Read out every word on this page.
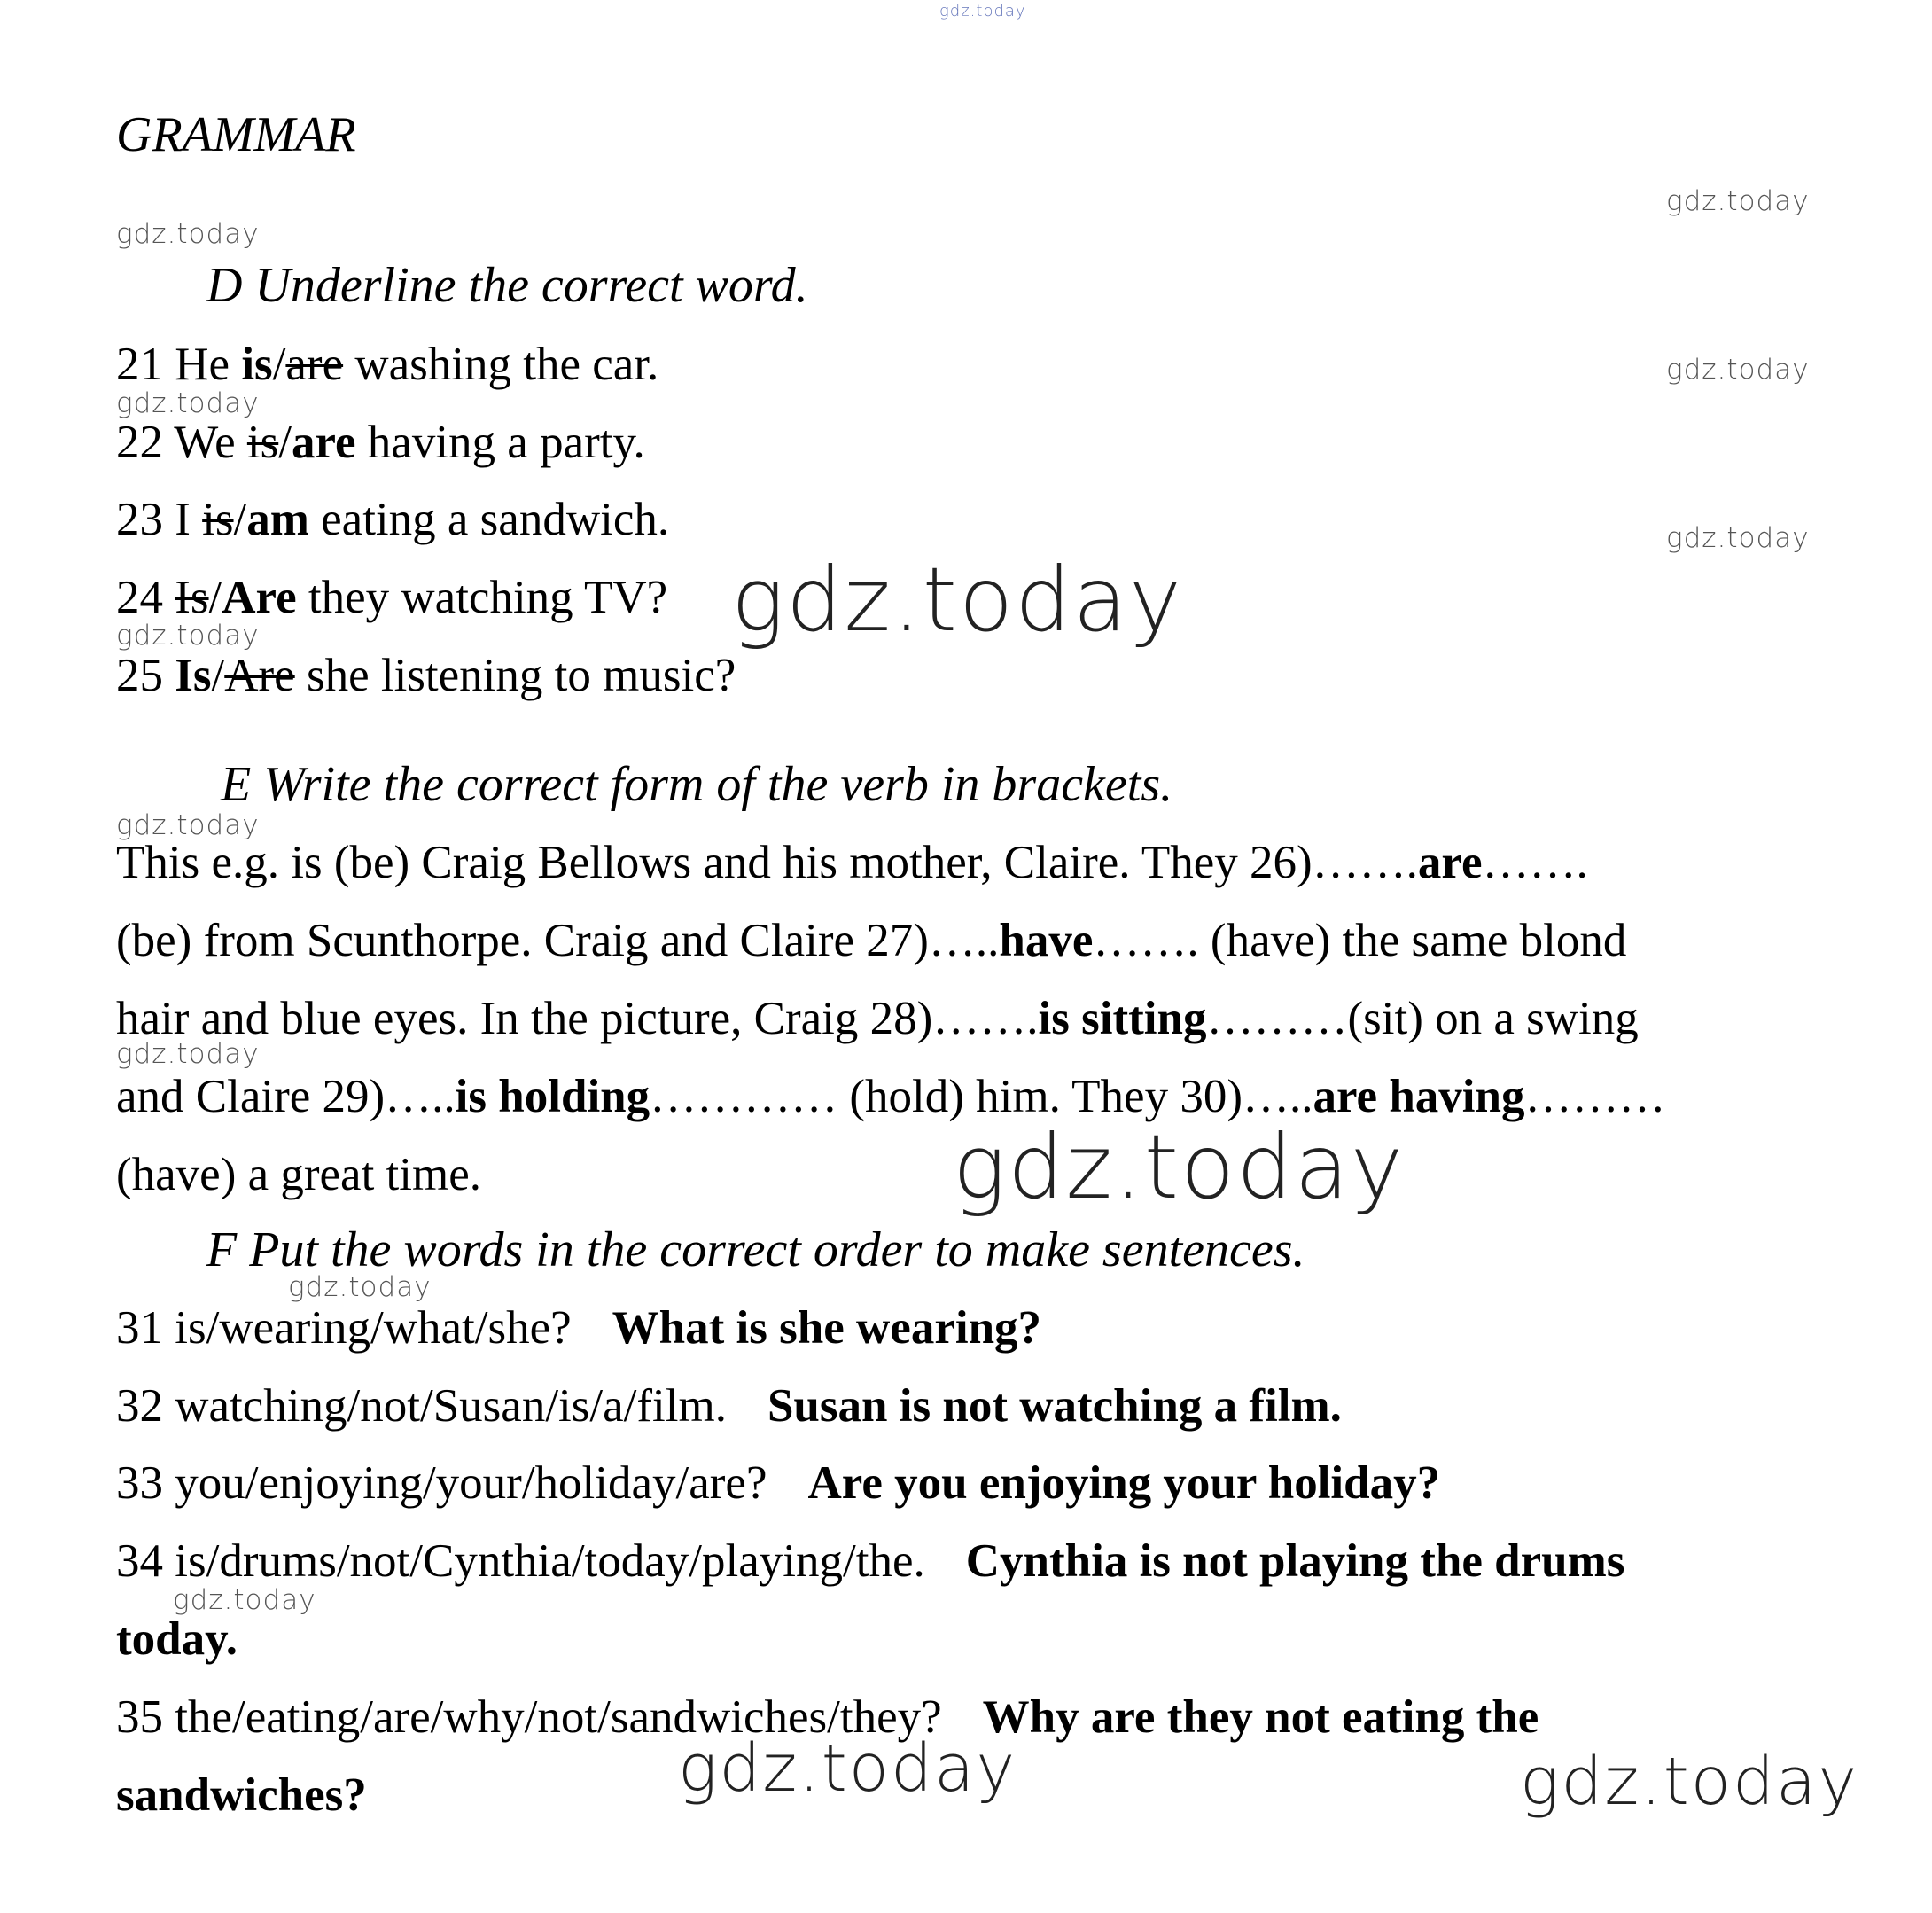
gdz.today
gdz.today
gdz.today
gdz.today
gdz.today
gdz.today
gdz.today
gdz.today
gdz.today
gdz.today
gdz.today
gdz.today
gdz.today
gdz.today	gdz.today
GRAMMAR
D Underline the correct word.
21 He is/are washing the car.
22 We is/are having a party.
23 I is/am eating a sandwich.
24 Is/Are they watching TV?
25 Is/Are she listening to music?
E Write the correct form of the verb in brackets.
This e.g. is (be) Craig Bellows and his mother, Claire. They 26)…….are…….
(be) from Scunthorpe. Craig and Claire 27)…..have……. (have) the same blond
hair and blue eyes. In the picture, Craig 28)…….is sitting………(sit) on a swing
and Claire 29)…..is holding………… (hold) him. They 30)…..are having………
(have) a great time.
F Put the words in the correct order to make sentences.
31 is/wearing/what/she? What is she wearing?
32 watching/not/Susan/is/a/film. Susan is not watching a film.
33 you/enjoying/your/holiday/are? Are you enjoying your holiday?
34 is/drums/not/Cynthia/today/playing/the. Cynthia is not playing the drums
today.
35 the/eating/are/why/not/sandwiches/they? Why are they not eating the
sandwiches?
